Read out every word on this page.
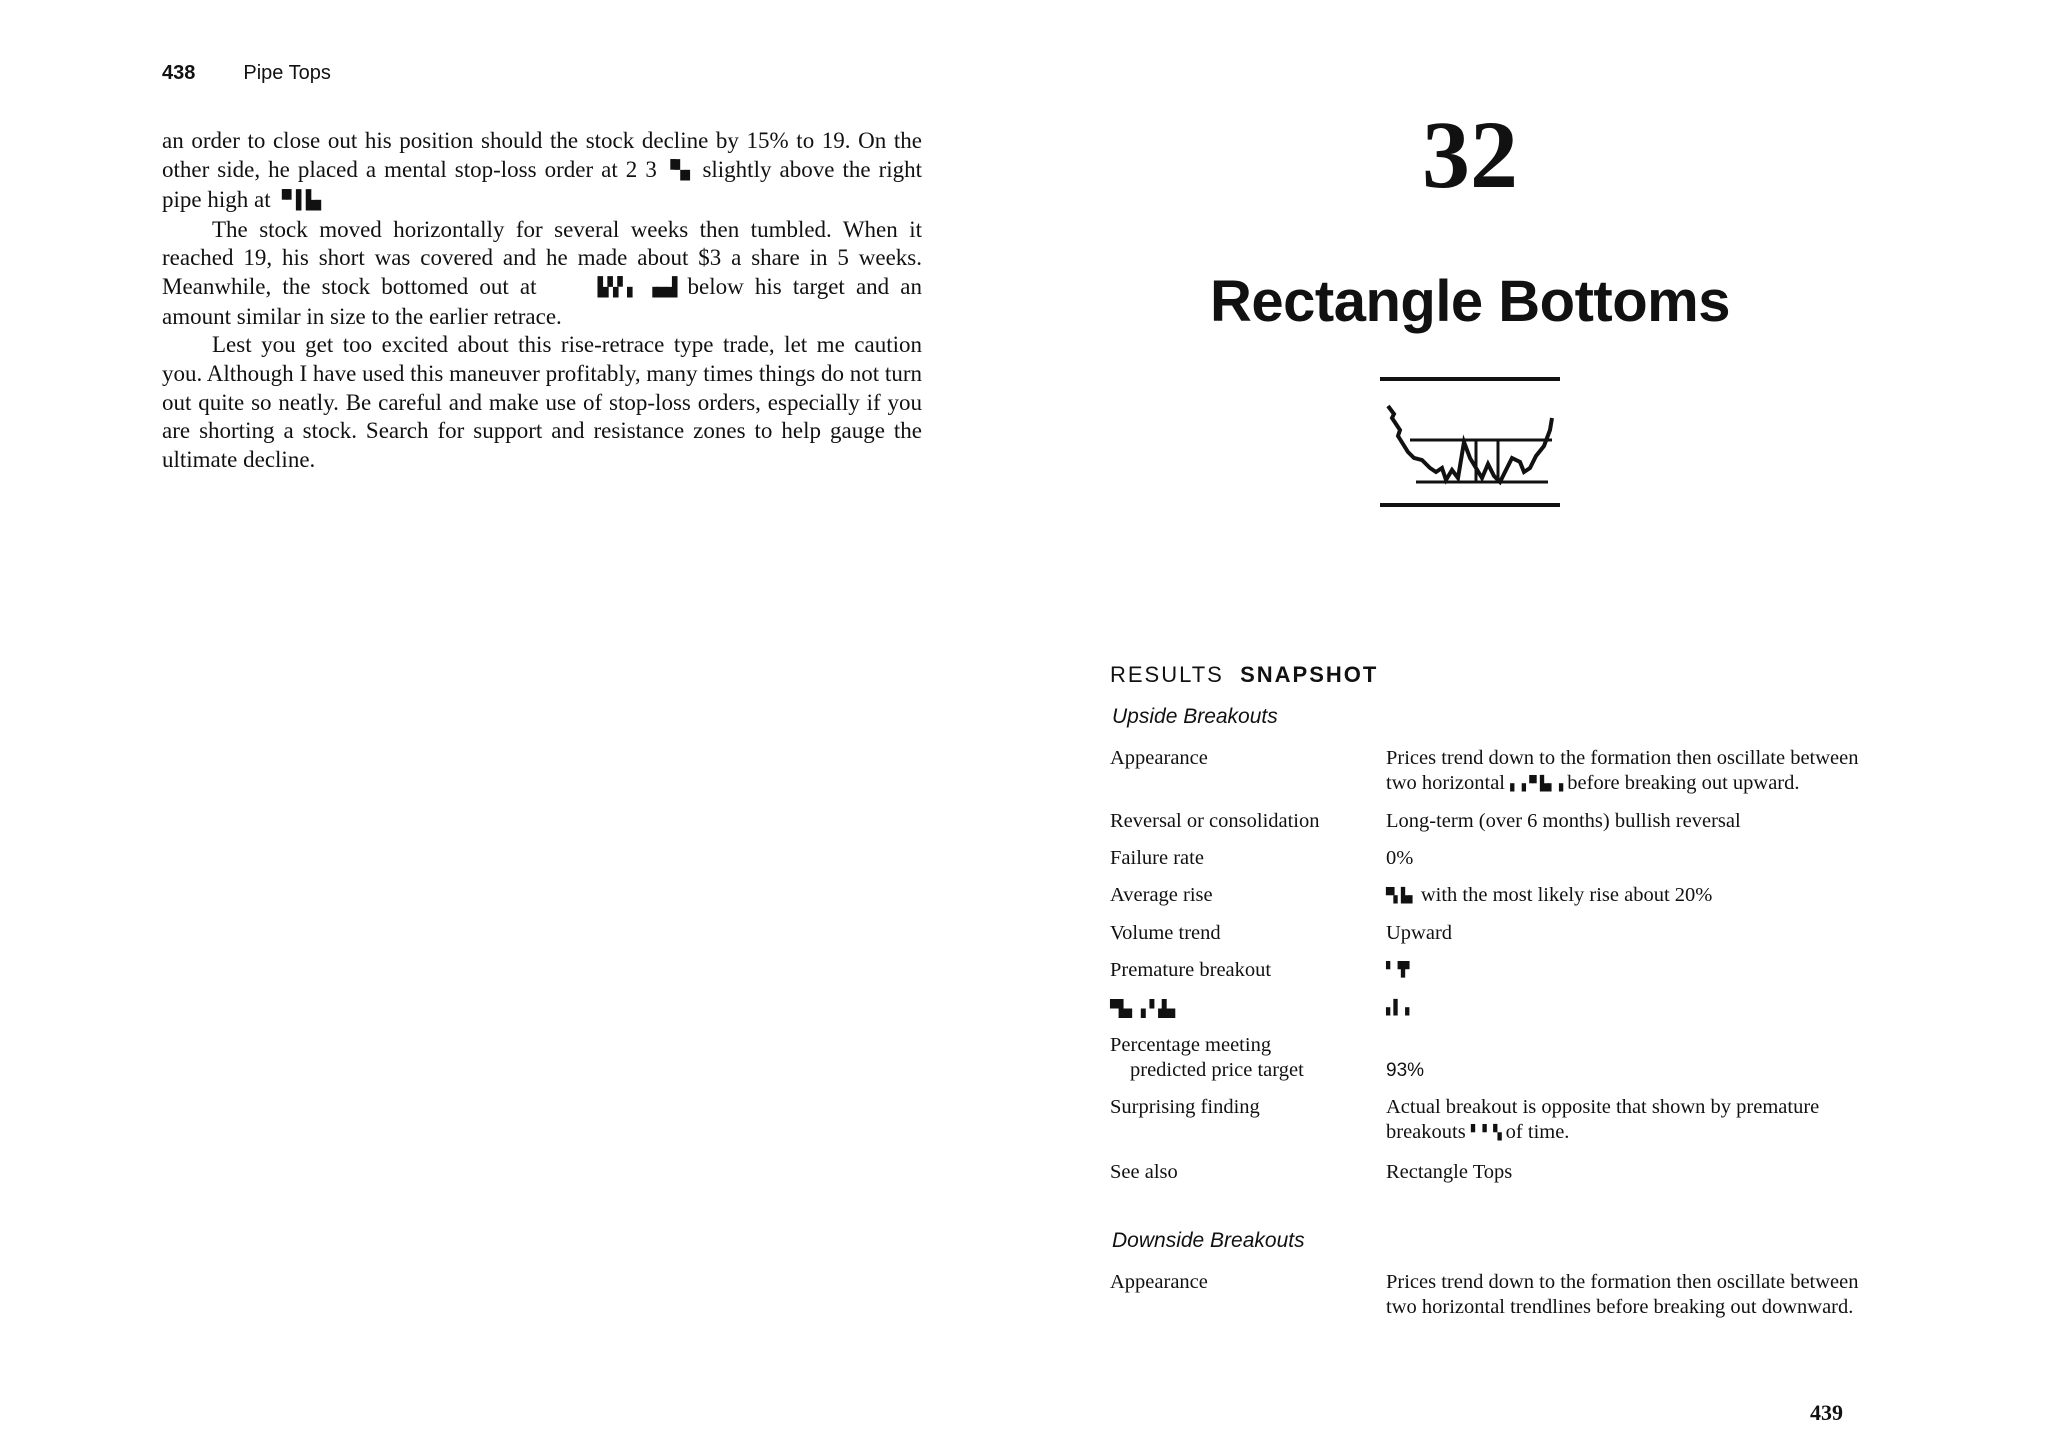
438 Pipe Tops

an order to close out his position should the stock decline by 15% to 19. On the other side, he placed a mental stop-loss order at 2 3 ▝▚▖ slightly above the right pipe high at ▝▘▌▙▖

The stock moved horizontally for several weeks then tumbled. When it reached 19, his short was covered and he made about $3 a share in 5 weeks. Meanwhile, the stock bottomed out at	▙▚▘▖ ▗▄▟ below his target and an amount similar in size to the earlier retrace.

Lest you get too excited about this rise-retrace type trade, let me caution you. Although I have used this maneuver profitably, many times things do not turn out quite so neatly. Be careful and make use of stop-loss orders, especially if you are shorting a stock. Search for support and resistance zones to help gauge the ultimate decline.

32
Rectangle Bottoms
RESULTS SNAPSHOT
Upside Breakouts
Appearance	Prices trend down to the formation then oscillate between two horizontal ▖▗▝▘▙▖▗ before breaking out upward.
Reversal or consolidation	Long-term (over 6 months) bullish reversal
Failure rate	0%
Average rise	▀▖▙▖ with the most likely rise about 20%
Volume trend	Upward
Premature breakout	▘▝▛
▀▙▖▗▝▗▙▖	▖▌▗
Percentage meeting
predicted price target	93%
Surprising finding	Actual breakout is opposite that shown by premature breakouts ▘▝ ▚ of time.
See also	Rectangle Tops
Downside Breakouts
Appearance	Prices trend down to the formation then oscillate between two horizontal trendlines before breaking out downward.
439
